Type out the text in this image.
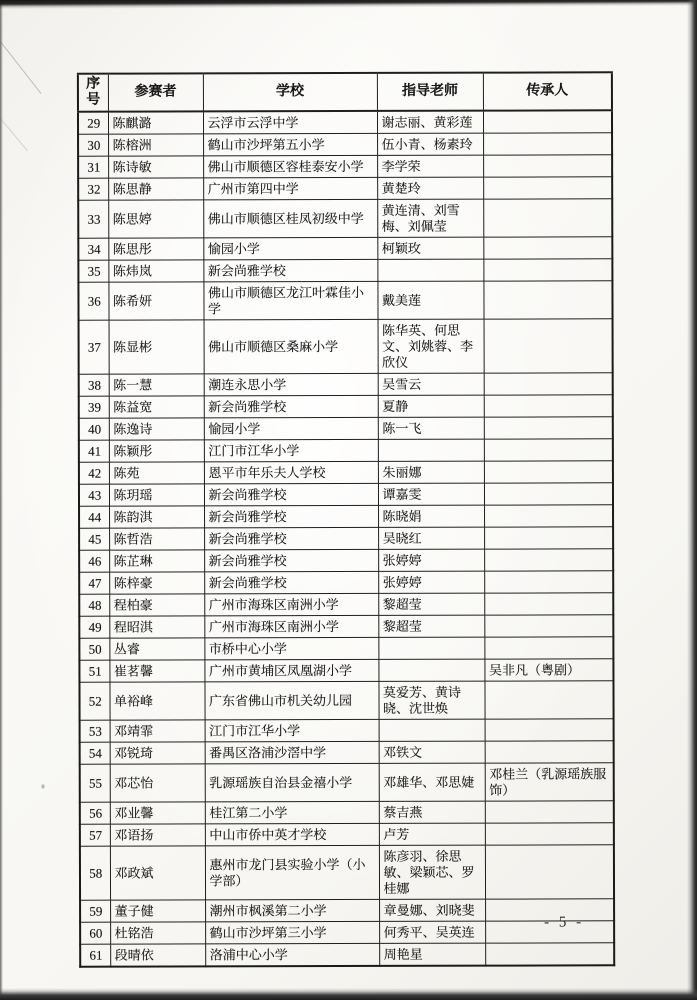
序号	参赛者	学校	指导老师	传承人
29	陈麒潞	云浮市云浮中学	谢志丽、黄彩莲	
30	陈榕洲	鹤山市沙坪第五小学	伍小青、杨素玲	
31	陈诗敏	佛山市顺德区容桂泰安小学	李学荣	
32	陈思静	广州市第四中学	黄楚玲	
33	陈思婷	佛山市顺德区桂凤初级中学	黄连清、刘雪梅、刘佩莹	
34	陈思彤	愉园小学	柯颖玫	
35	陈炜岚	新会尚雅学校		
36	陈希妍	佛山市顺德区龙江叶霖佳小学	戴美莲	
37	陈显彬	佛山市顺德区桑麻小学	陈华英、何思文、刘姚蓉、李欣仪	
38	陈一慧	潮连永思小学	吴雪云	
39	陈益宽	新会尚雅学校	夏静	
40	陈逸诗	愉园小学	陈一飞	
41	陈颖彤	江门市江华小学		
42	陈苑	恩平市年乐夫人学校	朱丽娜	
43	陈玥瑶	新会尚雅学校	谭嘉雯	
44	陈韵淇	新会尚雅学校	陈晓娟	
45	陈哲浩	新会尚雅学校	吴晓红	
46	陈芷琳	新会尚雅学校	张婷婷	
47	陈梓豪	新会尚雅学校	张婷婷	
48	程柏豪	广州市海珠区南洲小学	黎超莹	
49	程昭淇	广州市海珠区南洲小学	黎超莹	
50	丛睿	市桥中心小学		
51	崔茗馨	广州市黄埔区凤凰湖小学		吴非凡（粤剧）
52	单裕峰	广东省佛山市机关幼儿园	莫爱芳、黄诗晓、沈世焕	
53	邓靖霏	江门市江华小学		
54	邓锐琦	番禺区洛浦沙滘中学	邓铁文	
55	邓芯怡	乳源瑶族自治县金禧小学	邓雄华、邓思婕	邓桂兰（乳源瑶族服饰）
56	邓业馨	桂江第二小学	蔡吉燕	
57	邓语扬	中山市侨中英才学校	卢芳	
58	邓政斌	惠州市龙门县实验小学（小学部）	陈彦羽、徐思敏、梁颖芯、罗桂娜	
59	董子健	潮州市枫溪第二小学	章曼娜、刘晓斐	
60	杜铭浩	鹤山市沙坪第三小学	何秀平、吴英连	
61	段晴依	洛浦中心小学	周艳星	
- 5 -
